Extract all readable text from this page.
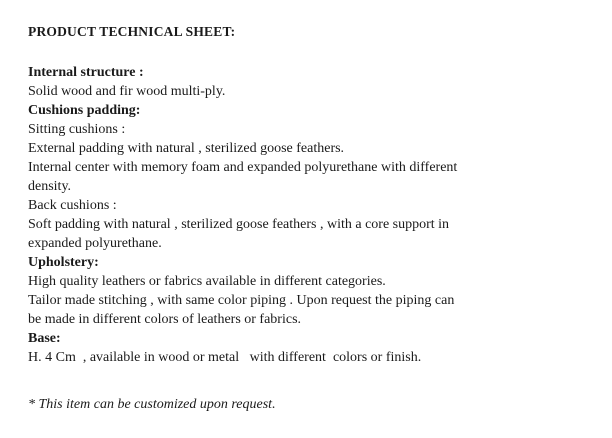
PRODUCT TECHNICAL SHEET:
Internal structure :
Solid wood and fir wood multi-ply.
Cushions padding:
Sitting cushions :
External padding with natural , sterilized goose feathers.
Internal center with memory foam and expanded polyurethane with different
density.
Back cushions :
Soft padding with natural , sterilized goose feathers , with a core support in
expanded polyurethane.
Upholstery:
High quality leathers or fabrics available in different categories.
Tailor made stitching , with same color piping . Upon request the piping can
be made in different colors of leathers or fabrics.
Base:
H. 4 Cm  , available in wood or metal   with different  colors or finish.
* This item can be customized upon request.
